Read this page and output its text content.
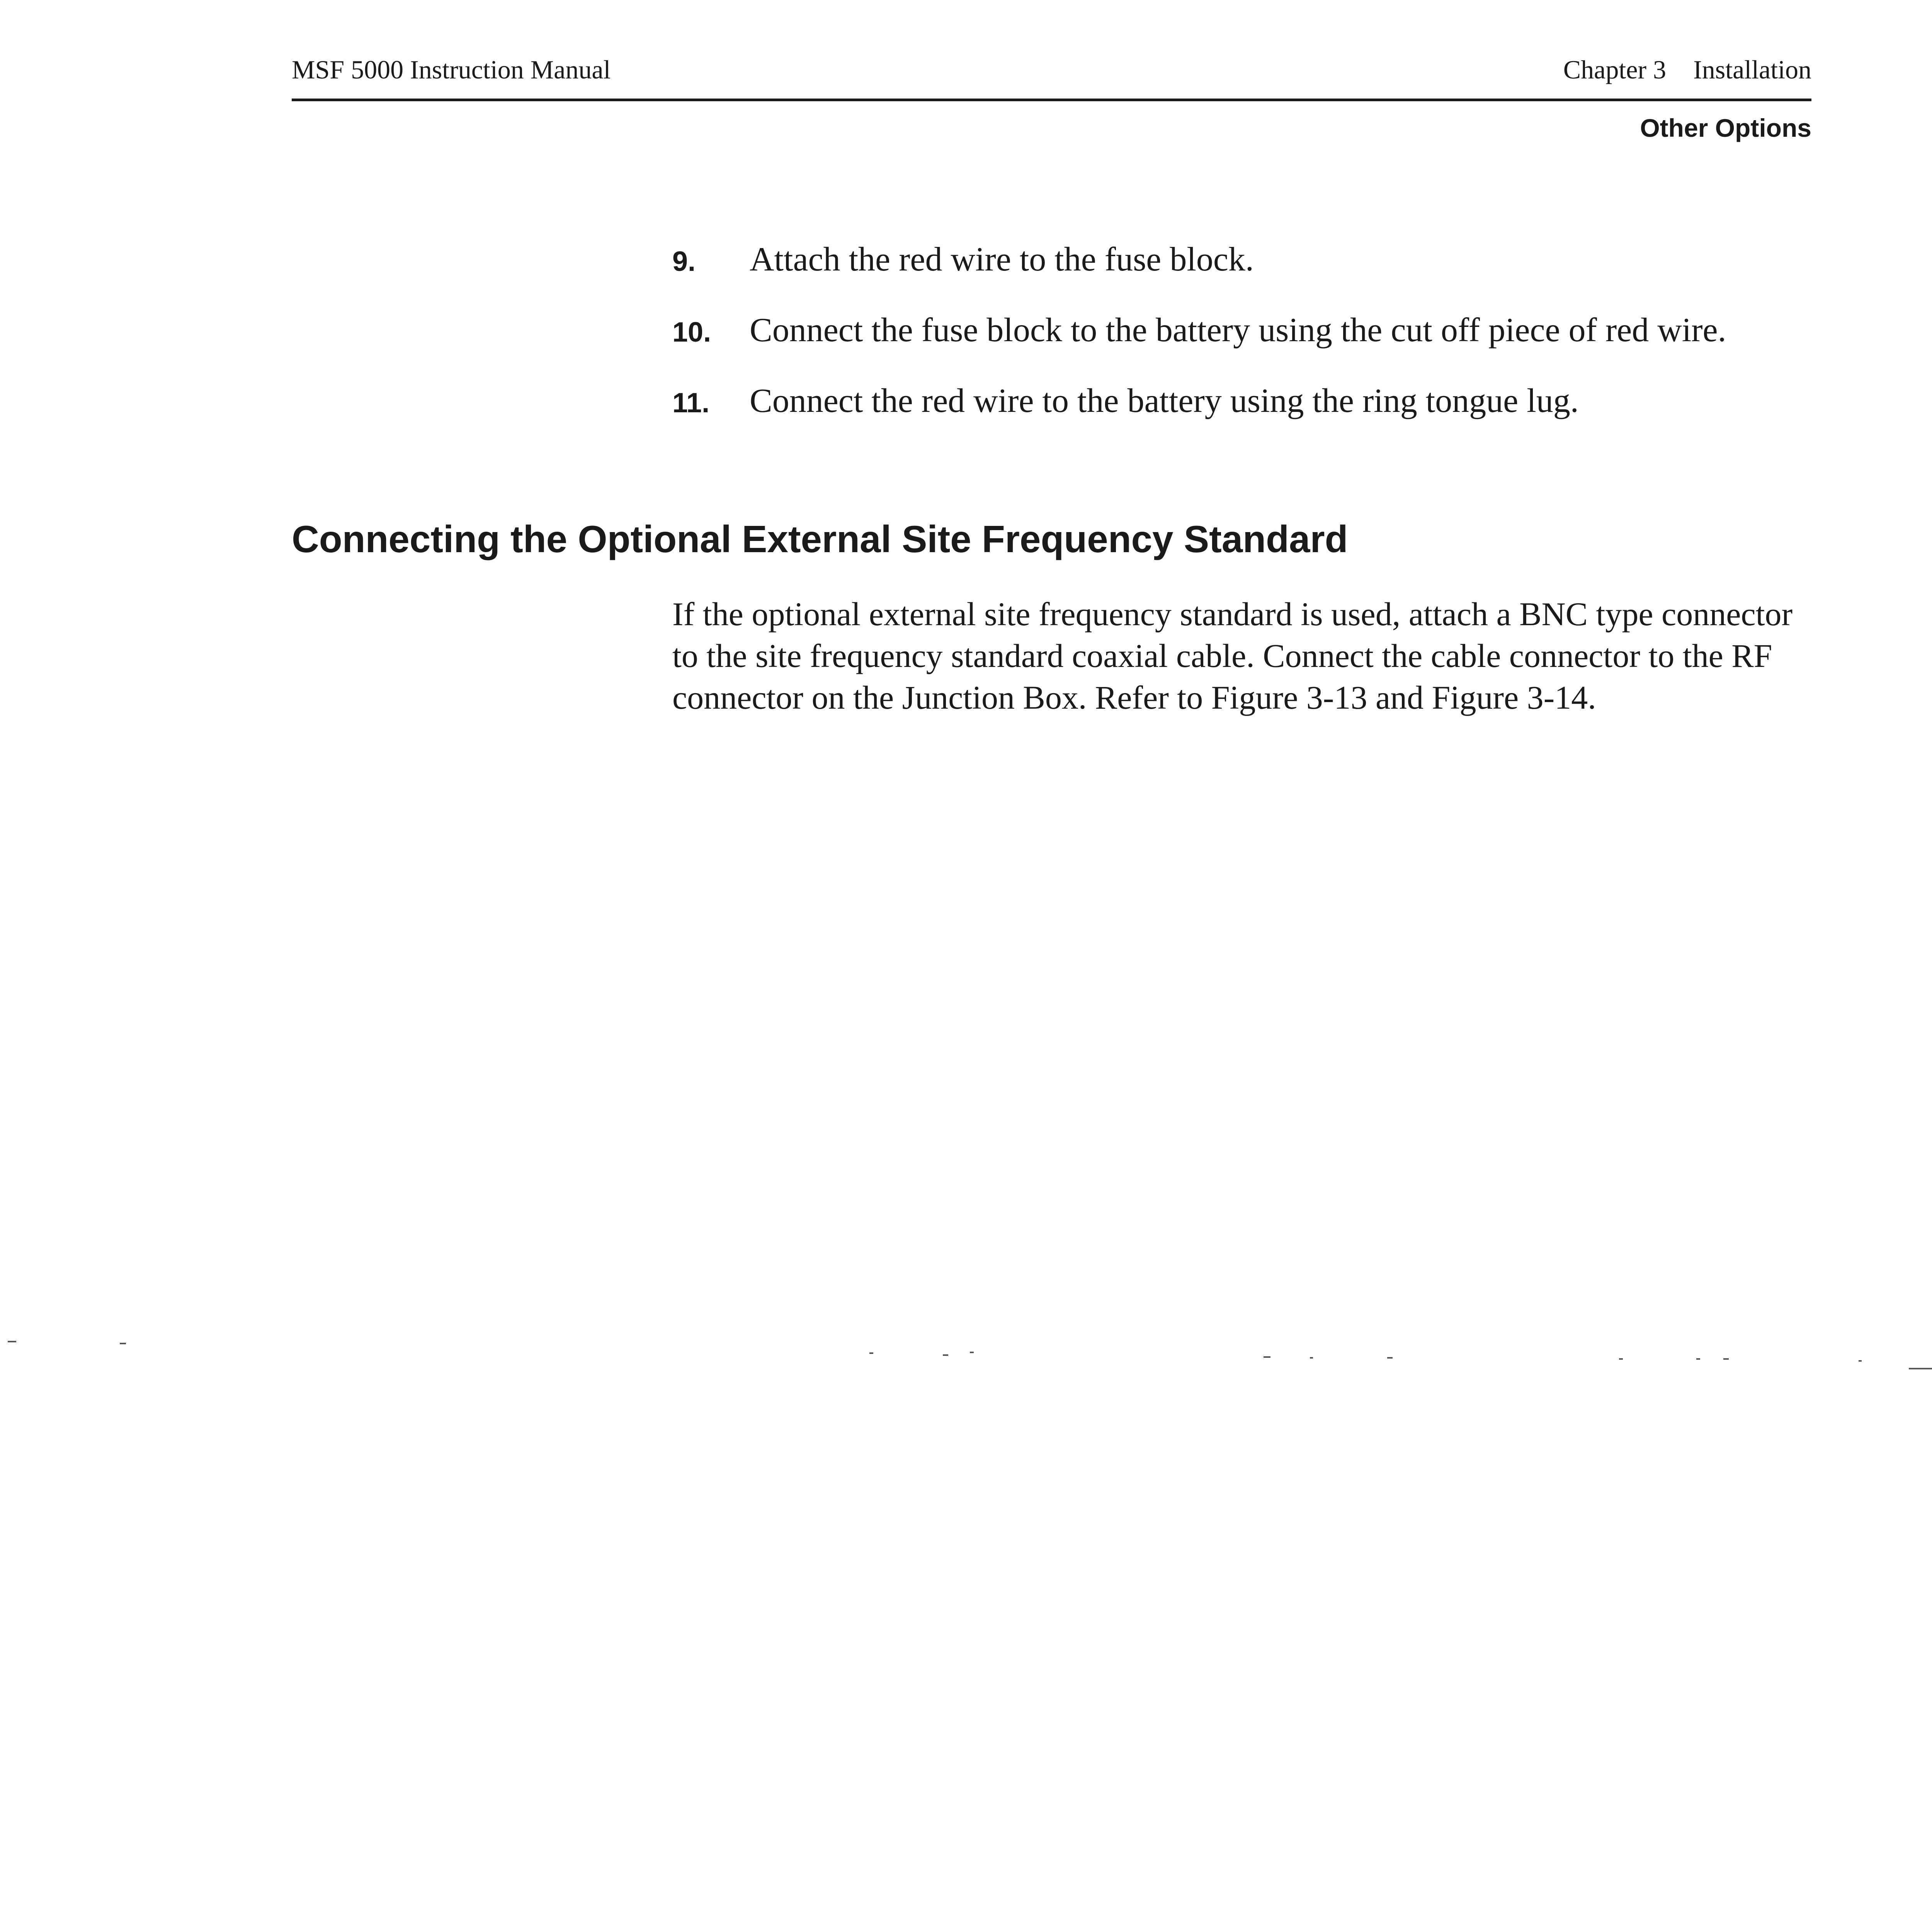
MSF 5000 Instruction Manual	Chapter 3 Installation
Other Options
9. Attach the red wire to the fuse block.
10. Connect the fuse block to the battery using the cut off piece of red wire.
11. Connect the red wire to the battery using the ring tongue lug.
Connecting the Optional External Site Frequency Standard

If the optional external site frequency standard is used, attach a BNC type connector to the site frequency standard coaxial cable. Connect the cable connector to the RF connector on the Junction Box. Refer to Figure 3-13 and Figure 3-14.
